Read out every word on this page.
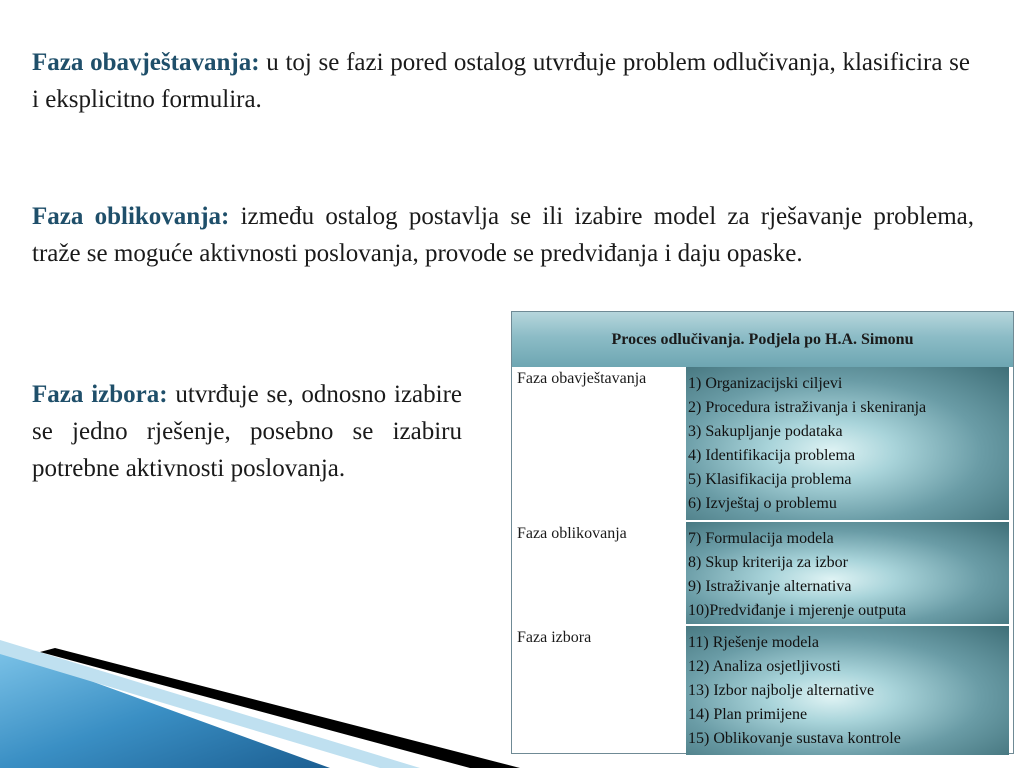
Faza obavještavanja: u toj se fazi pored ostalog utvrđuje problem odlučivanja, klasificira se i eksplicitno formulira.
Faza oblikovanja: između ostalog postavlja se ili izabire model za rješavanje problema, traže se moguće aktivnosti poslovanja, provode se predviđanja i daju opaske.
Faza izbora: utvrđuje se, odnosno izabire se jedno rješenje, posebno se izabiru potrebne aktivnosti poslovanja.
Proces odlučivanja. Podjela po H.A. Simonu
Faza obavještavanja	1) Organizacijski ciljevi
2) Procedura istraživanja i skeniranja
3) Sakupljanje podataka
4) Identifikacija problema
5) Klasifikacija problema
6) Izvještaj o problemu
Faza oblikovanja	7) Formulacija modela
8) Skup kriterija za izbor
9) Istraživanje alternativa
10)Predviđanje i mjerenje outputa
Faza izbora	11) Rješenje modela
12) Analiza osjetljivosti
13) Izbor najbolje alternative
14) Plan primijene
15) Oblikovanje sustava kontrole
